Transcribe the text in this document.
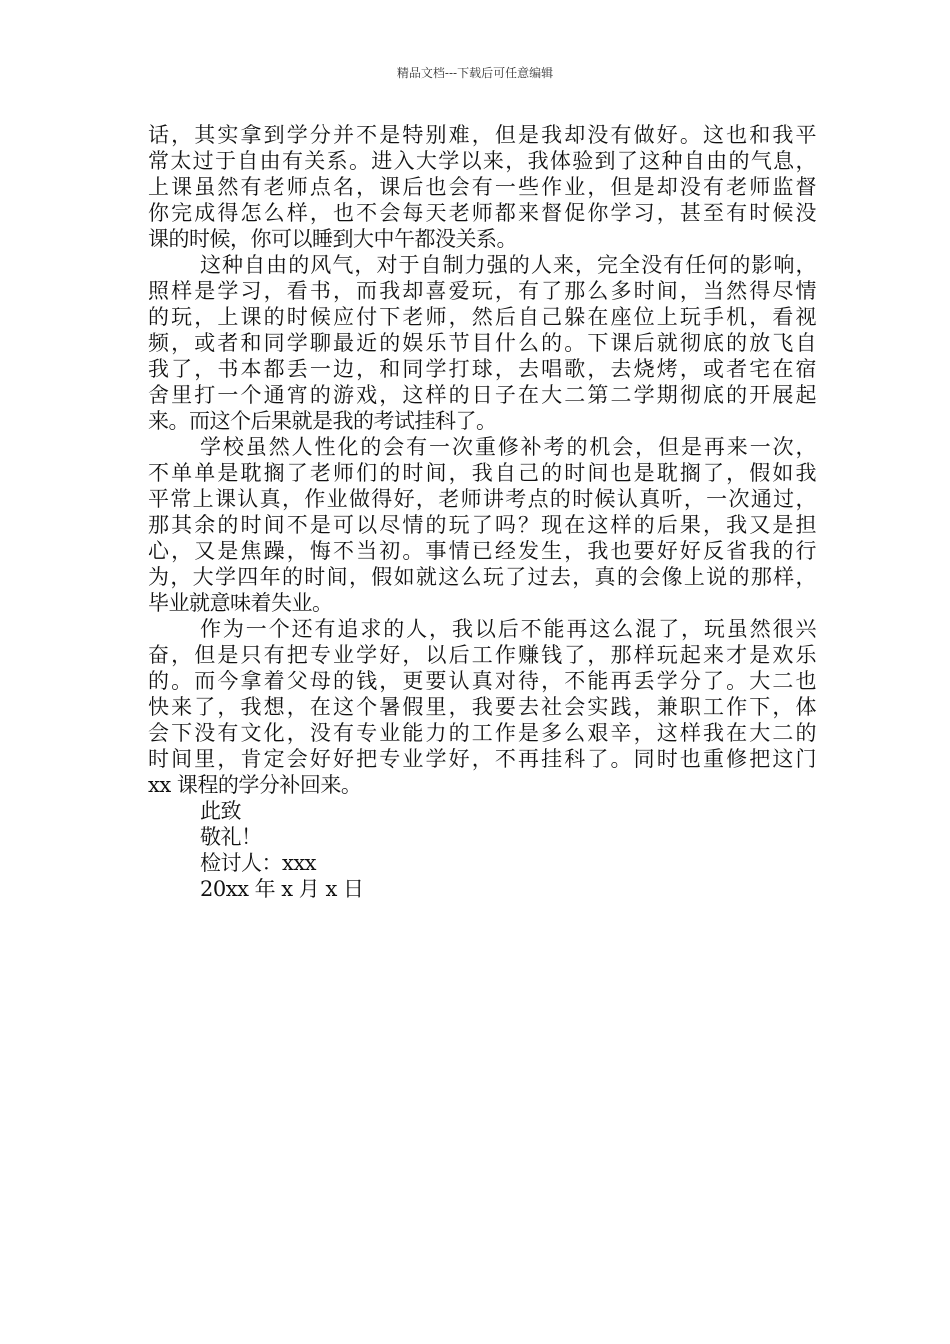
精品文档---下载后可任意编辑
话，其实拿到学分并不是特别难，但是我却没有做好。这也和我平
常太过于自由有关系。进入大学以来，我体验到了这种自由的气息，
上课虽然有老师点名，课后也会有一些作业，但是却没有老师监督
你完成得怎么样，也不会每天老师都来督促你学习，甚至有时候没
课的时候，你可以睡到大中午都没关系。
这种自由的风气，对于自制力强的人来，完全没有任何的影响，
照样是学习，看书，而我却喜爱玩，有了那么多时间，当然得尽情
的玩，上课的时候应付下老师，然后自己躲在座位上玩手机，看视
频，或者和同学聊最近的娱乐节目什么的。下课后就彻底的放飞自
我了，书本都丢一边，和同学打球，去唱歌，去烧烤，或者宅在宿
舍里打一个通宵的游戏，这样的日子在大二第二学期彻底的开展起
来。而这个后果就是我的考试挂科了。
学校虽然人性化的会有一次重修补考的机会，但是再来一次，
不单单是耽搁了老师们的时间，我自己的时间也是耽搁了，假如我
平常上课认真，作业做得好，老师讲考点的时候认真听，一次通过，
那其余的时间不是可以尽情的玩了吗？现在这样的后果，我又是担
心，又是焦躁，悔不当初。事情已经发生，我也要好好反省我的行
为，大学四年的时间，假如就这么玩了过去，真的会像上说的那样，
毕业就意味着失业。
作为一个还有追求的人，我以后不能再这么混了，玩虽然很兴
奋，但是只有把专业学好，以后工作赚钱了，那样玩起来才是欢乐
的。而今拿着父母的钱，更要认真对待，不能再丢学分了。大二也
快来了，我想，在这个暑假里，我要去社会实践，兼职工作下，体
会下没有文化，没有专业能力的工作是多么艰辛，这样我在大二的
时间里，肯定会好好把专业学好，不再挂科了。同时也重修把这门
xx 课程的学分补回来。
此致
敬礼！
检讨人：xxx
20xx 年 x 月 x 日
